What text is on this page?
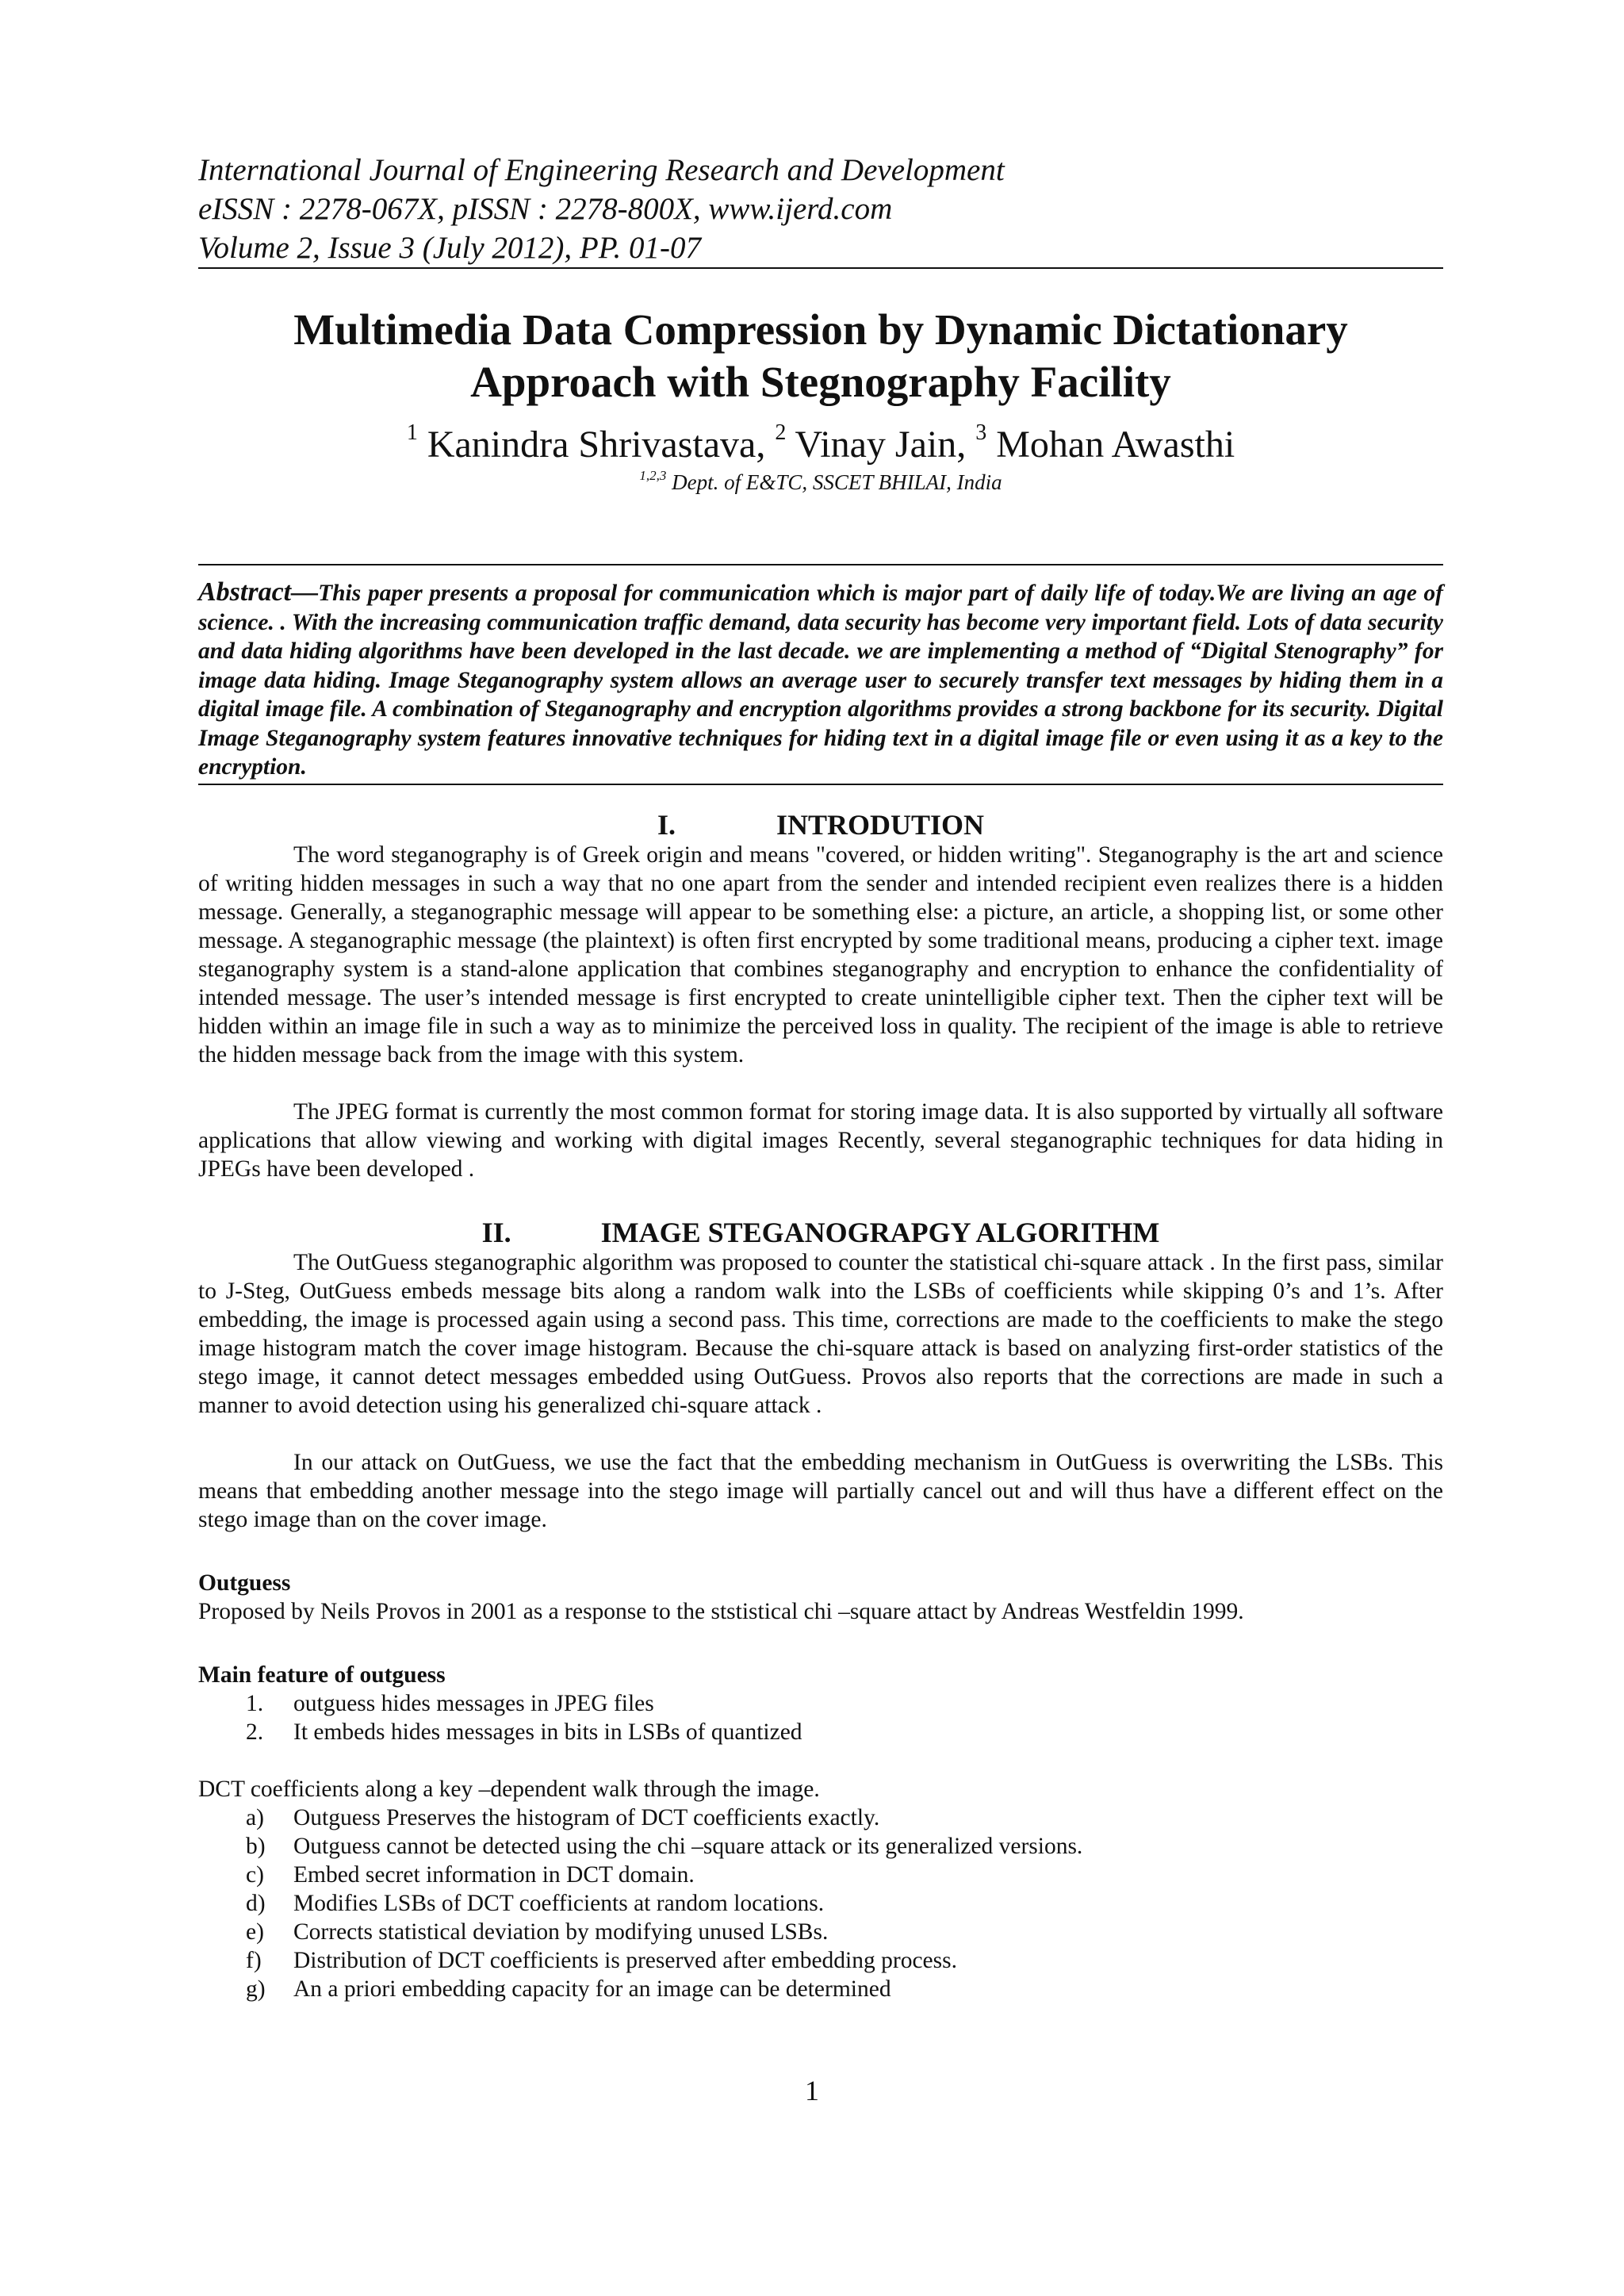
International Journal of Engineering Research and Development
eISSN : 2278-067X, pISSN : 2278-800X, www.ijerd.com
Volume 2, Issue 3 (July 2012), PP. 01-07
Multimedia Data Compression by Dynamic Dictationary
Approach with Stegnography Facility
$^1$ Kanindra Shrivastava, $^2$ Vinay Jain, $^3$ Mohan Awasthi
$^{1,2,3}$ Dept. of E&TC, SSCET BHILAI, India
Abstract—This paper presents a proposal for communication which is major part of daily life of today.We are living an age of science. . With the increasing communication traffic demand, data security has become very important field. Lots of data security and data hiding algorithms have been developed in the last decade. we are implementing a method of “Digital Stenography” for image data hiding. Image Steganography system allows an average user to securely transfer text messages by hiding them in a digital image file. A combination of Steganography and encryption algorithms provides a strong backbone for its security. Digital Image Steganography system features innovative techniques for hiding text in a digital image file or even using it as a key to the encryption.
I.	INTRODUTION

The word steganography is of Greek origin and means "covered, or hidden writing". Steganography is the art and science of writing hidden messages in such a way that no one apart from the sender and intended recipient even realizes there is a hidden message. Generally, a steganographic message will appear to be something else: a picture, an article, a shopping list, or some other message. A steganographic message (the plaintext) is often first encrypted by some traditional means, producing a cipher text. image steganography system is a stand-alone application that combines steganography and encryption to enhance the confidentiality of intended message. The user’s intended message is first encrypted to create unintelligible cipher text. Then the cipher text will be hidden within an image file in such a way as to minimize the perceived loss in quality. The recipient of the image is able to retrieve the hidden message back from the image with this system.

The JPEG format is currently the most common format for storing image data. It is also supported by virtually all software applications that allow viewing and working with digital images Recently, several steganographic techniques for data hiding in JPEGs have been developed .

II.	IMAGE STEGANOGRAPGY ALGORITHM

The OutGuess steganographic algorithm was proposed to counter the statistical chi-square attack . In the first pass, similar to J-Steg, OutGuess embeds message bits along a random walk into the LSBs of coefficients while skipping 0’s and 1’s. After embedding, the image is processed again using a second pass. This time, corrections are made to the coefficients to make the stego image histogram match the cover image histogram. Because the chi-square attack is based on analyzing first-order statistics of the stego image, it cannot detect messages embedded using OutGuess. Provos also reports that the corrections are made in such a manner to avoid detection using his generalized chi-square attack .

In our attack on OutGuess, we use the fact that the embedding mechanism in OutGuess is overwriting the LSBs. This means that embedding another message into the stego image will partially cancel out and will thus have a different effect on the stego image than on the cover image.

Outguess
Proposed by Neils Provos in 2001 as a response to the ststistical chi –square attact by Andreas Westfeldin 1999.
Main feature of outguess
1.	outguess hides messages in JPEG files
2.	It embeds hides messages in bits in LSBs of quantized
DCT coefficients along a key –dependent walk through the image.
a)	Outguess Preserves the histogram of DCT coefficients exactly.
b)	Outguess cannot be detected using the chi –square attack or its generalized versions.
c)	Embed secret information in DCT domain.
d)	Modifies LSBs of DCT coefficients at random locations.
e)	Corrects statistical deviation by modifying unused LSBs.
f)	Distribution of DCT coefficients is preserved after embedding process.
g)	An a priori embedding capacity for an image can be determined
1
